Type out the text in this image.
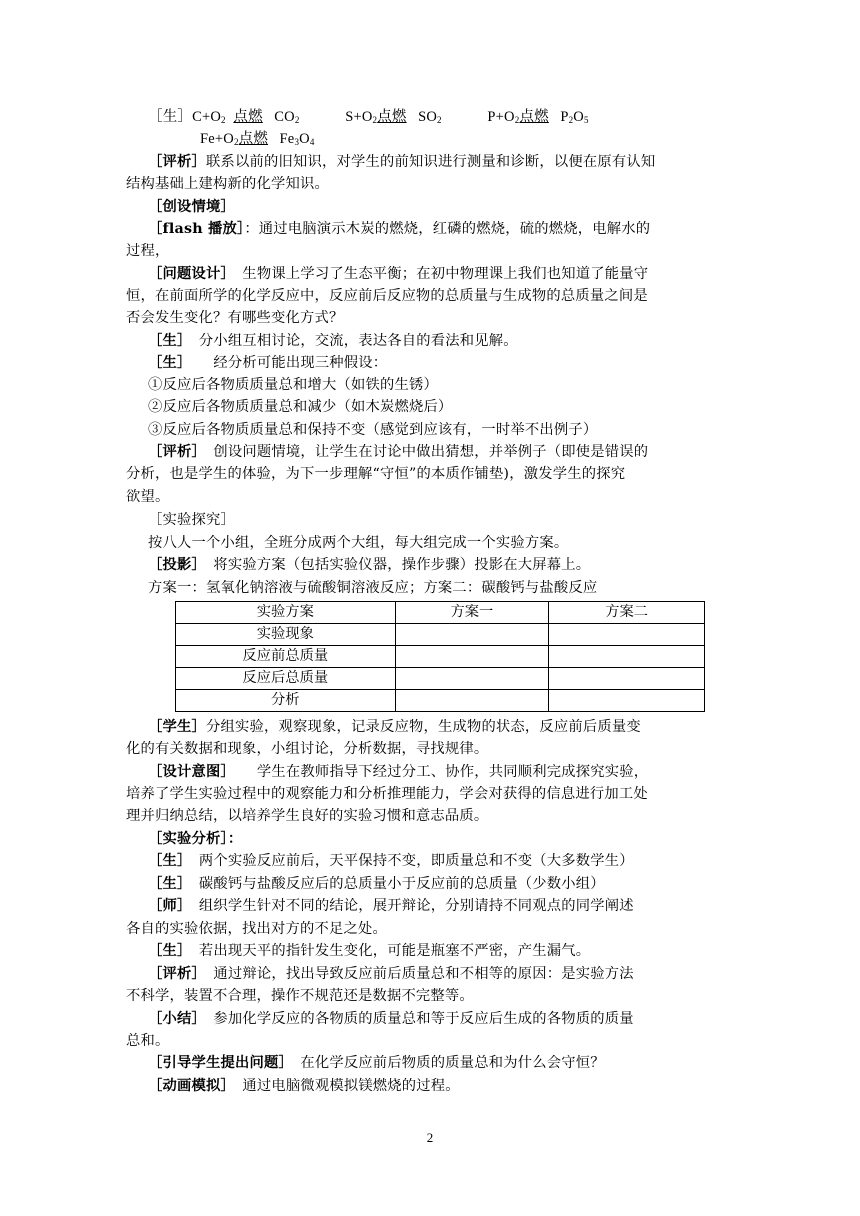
［生$]C+O_2$ 点燃 $CO_2$	$S+O_2$点燃 $SO_2$	$P+O_2$点燃 $P_2O_5$
$Fe+O_2$点燃 $Fe_3O_4$
［评析］联系以前的旧知识，对学生的前知识进行测量和诊断，以便在原有认知
结构基础上建构新的化学知识。
［创设情境］
［flash 播放］：通过电脑演示木炭的燃烧，红磷的燃烧，硫的燃烧，电解水的
过程，
［问题设计］　生物课上学习了生态平衡；在初中物理课上我们也知道了能量守
恒，在前面所学的化学反应中，反应前后反应物的总质量与生成物的总质量之间是
否会发生变化？有哪些变化方式？
［生］　分小组互相讨论，交流，表达各自的看法和见解。
［生］　　经分析可能出现三种假设：
①反应后各物质质量总和增大（如铁的生锈）
②反应后各物质质量总和减少（如木炭燃烧后）
③反应后各物质质量总和保持不变（感觉到应该有，一时举不出例子）
［评析］　创设问题情境，让学生在讨论中做出猜想，并举例子（即使是错误的
分析，也是学生的体验，为下一步理解“守恒”的本质作铺垫)，激发学生的探究
欲望。
［实验探究］
按八人一个小组，全班分成两个大组，每大组完成一个实验方案。
［投影］　将实验方案（包括实验仪器，操作步骤）投影在大屏幕上。
方案一：氢氧化钠溶液与硫酸铜溶液反应；方案二：碳酸钙与盐酸反应
实验方案	方案一	方案二
实验现象		
反应前总质量		
反应后总质量		
分析		
［学生］分组实验，观察现象，记录反应物，生成物的状态，反应前后质量变
化的有关数据和现象，小组讨论，分析数据，寻找规律。
［设计意图］　　学生在教师指导下经过分工、协作，共同顺利完成探究实验，
培养了学生实验过程中的观察能力和分析推理能力，学会对获得的信息进行加工处
理并归纳总结，以培养学生良好的实验习惯和意志品质。
［实验分析］：
［生］　两个实验反应前后，天平保持不变，即质量总和不变（大多数学生）
［生］　碳酸钙与盐酸反应后的总质量小于反应前的总质量（少数小组）
［师］　组织学生针对不同的结论，展开辩论，分别请持不同观点的同学阐述
各自的实验依据，找出对方的不足之处。
［生］　若出现天平的指针发生变化，可能是瓶塞不严密，产生漏气。
［评析］　通过辩论，找出导致反应前后质量总和不相等的原因：是实验方法
不科学，装置不合理，操作不规范还是数据不完整等。
［小结］　参加化学反应的各物质的质量总和等于反应后生成的各物质的质量
总和。
［引导学生提出问题］　在化学反应前后物质的质量总和为什么会守恒？
［动画模拟］　通过电脑微观模拟镁燃烧的过程。
2
